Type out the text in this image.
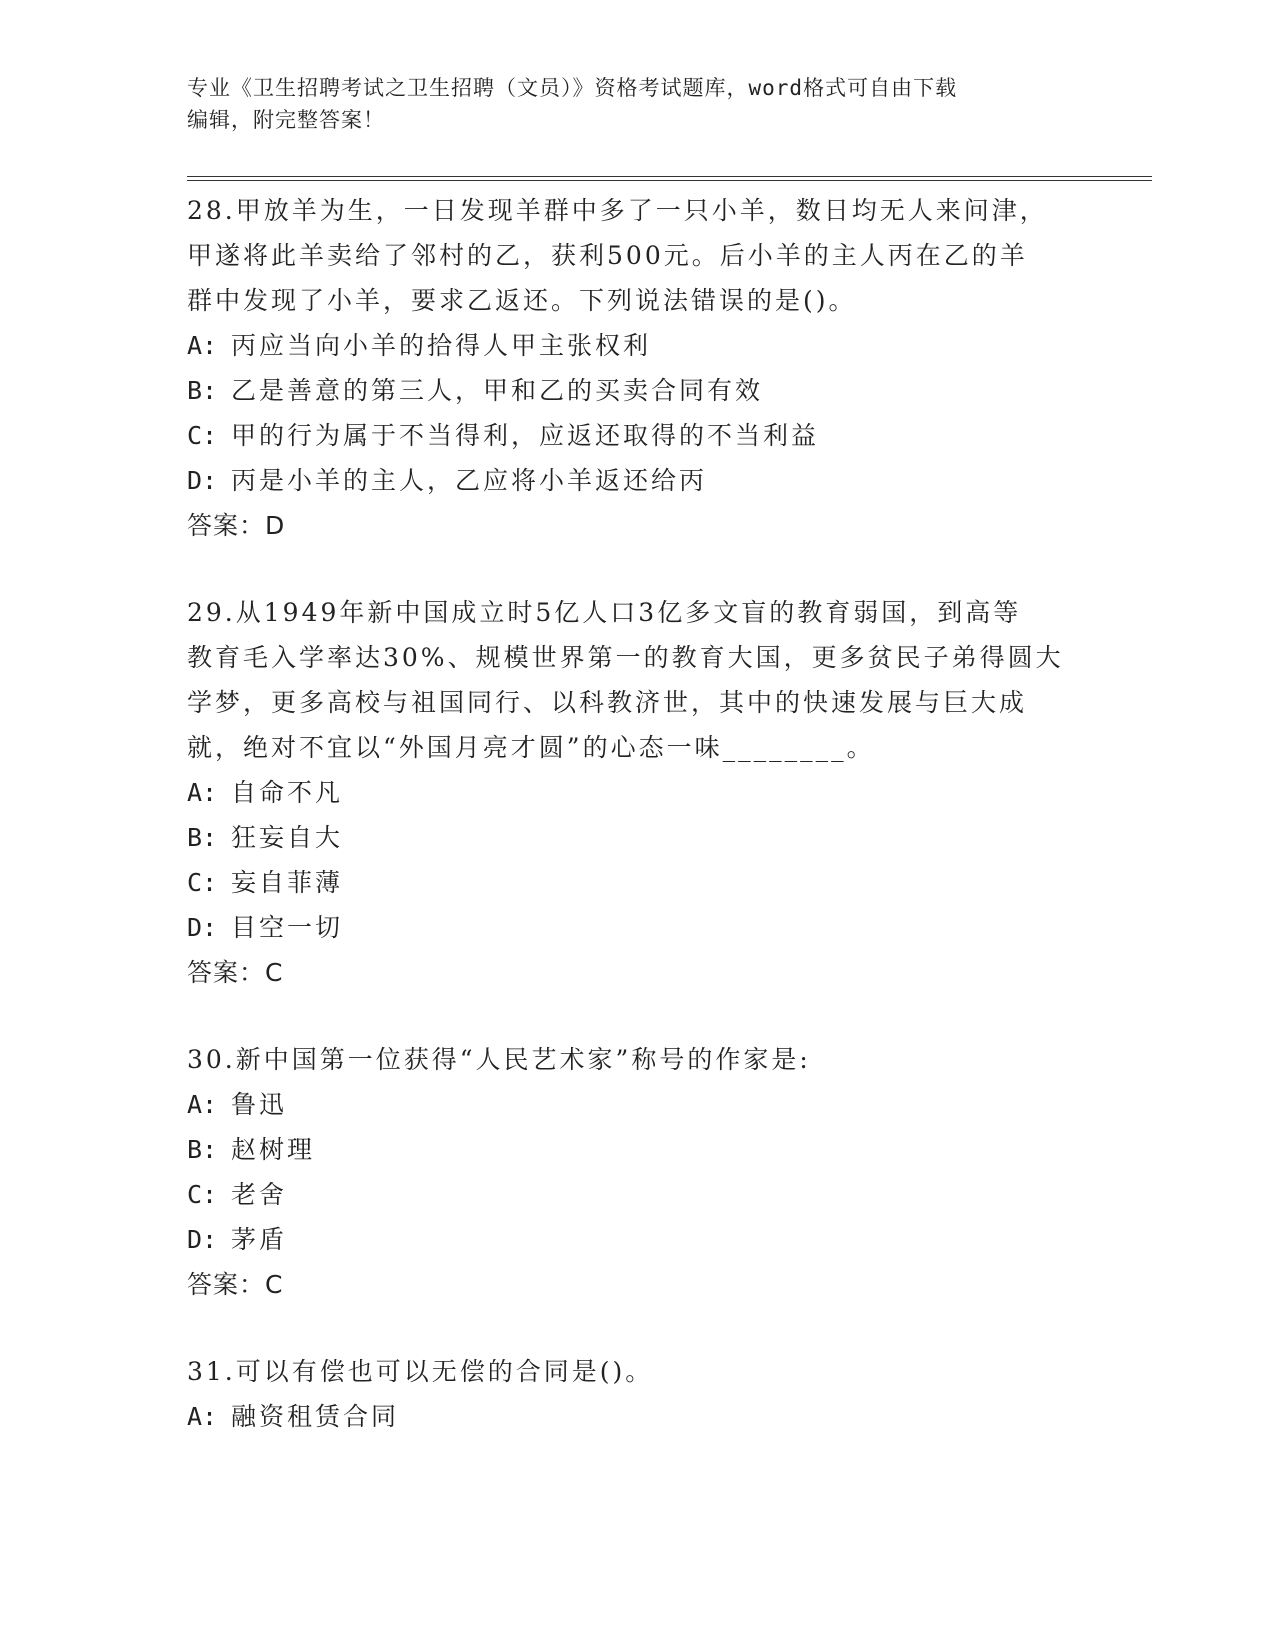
专业《卫生招聘考试之卫生招聘（文员）》资格考试题库，word格式可自由下载
编辑，附完整答案！
28.甲放羊为生，一日发现羊群中多了一只小羊，数日均无人来问津，
甲遂将此羊卖给了邻村的乙，获利500元。后小羊的主人丙在乙的羊
群中发现了小羊，要求乙返还。下列说法错误的是()。
A: 丙应当向小羊的拾得人甲主张权利
B: 乙是善意的第三人，甲和乙的买卖合同有效
C: 甲的行为属于不当得利，应返还取得的不当利益
D: 丙是小羊的主人，乙应将小羊返还给丙
答案：D
29.从1949年新中国成立时5亿人口3亿多文盲的教育弱国，到高等
教育毛入学率达30%、规模世界第一的教育大国，更多贫民子弟得圆大
学梦，更多高校与祖国同行、以科教济世，其中的快速发展与巨大成
就，绝对不宜以“外国月亮才圆”的心态一味________。
A: 自命不凡
B: 狂妄自大
C: 妄自菲薄
D: 目空一切
答案：C
30.新中国第一位获得“人民艺术家”称号的作家是:
A: 鲁迅
B: 赵树理
C: 老舍
D: 茅盾
答案：C
31.可以有偿也可以无偿的合同是()。
A: 融资租赁合同
